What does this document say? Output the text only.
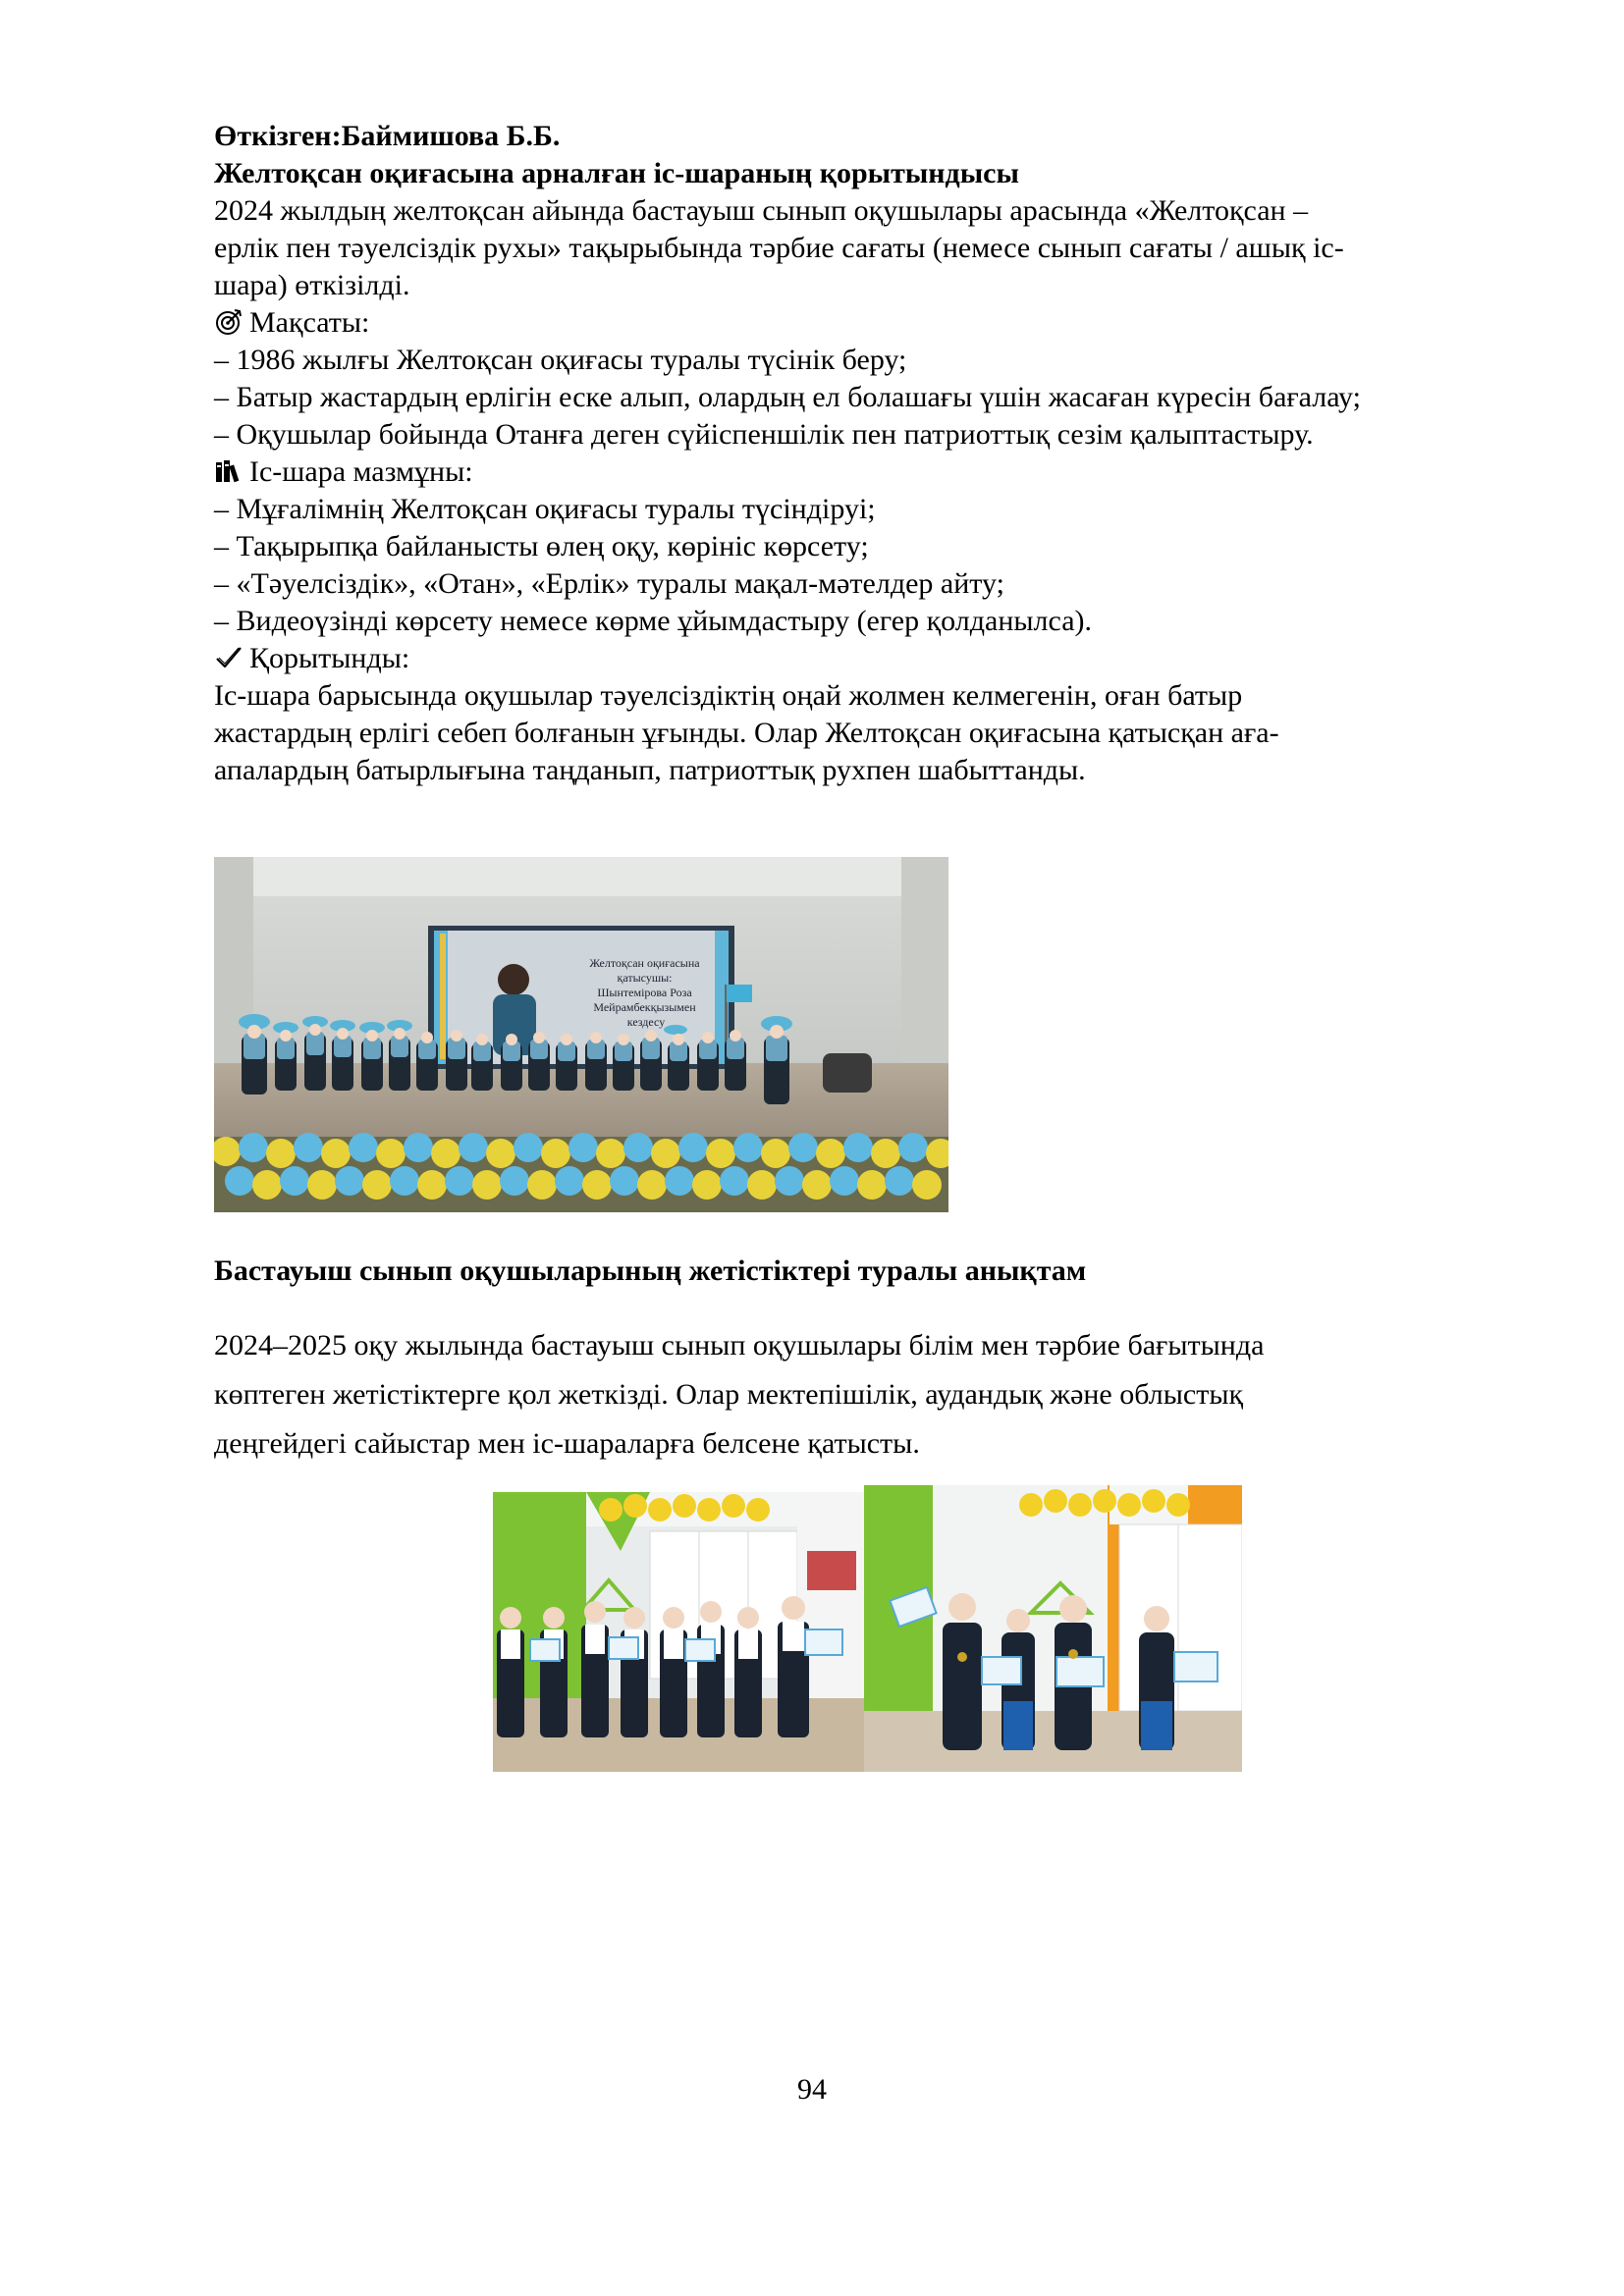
Өткізген:Баймишова Б.Б.
Желтоқсан оқиғасына арналған іс-шараның қорытындысы
2024 жылдың желтоқсан айында бастауыш сынып оқушылары арасында «Желтоқсан –
ерлік пен тәуелсіздік рухы» тақырыбында тәрбие сағаты (немесе сынып сағаты / ашық іс-
шара) өткізілді.
Мақсаты:
– 1986 жылғы Желтоқсан оқиғасы туралы түсінік беру;
– Батыр жастардың ерлігін еске алып, олардың ел болашағы үшін жасаған күресін бағалау;
– Оқушылар бойында Отанға деген сүйіспеншілік пен патриоттық сезім қалыптастыру.
Іс-шара мазмұны:
– Мұғалімнің Желтоқсан оқиғасы туралы түсіндіруі;
– Тақырыпқа байланысты өлең оқу, көрініс көрсету;
– «Тәуелсіздік», «Отан», «Ерлік» туралы мақал-мәтелдер айту;
– Видеоүзінді көрсету немесе көрме ұйымдастыру (егер қолданылса).
Қорытынды:
Іс-шара барысында оқушылар тәуелсіздіктің оңай жолмен келмегенін, оған батыр
жастардың ерлігі себеп болғанын ұғынды. Олар Желтоқсан оқиғасына қатысқан аға-
апалардың батырлығына таңданып, патриоттық рухпен шабыттанды.
Желтоқсан оқиғасына қатысушы: Шынтемірова Роза Мейрамбекқызымен кездесу
Бастауыш сынып оқушыларының жетістіктері туралы анықтам
2024–2025 оқу жылында бастауыш сынып оқушылары білім мен тәрбие бағытында
көптеген жетістіктерге қол жеткізді. Олар мектепішілік, аудандық және облыстық
деңгейдегі сайыстар мен іс-шараларға белсене қатысты.
94
